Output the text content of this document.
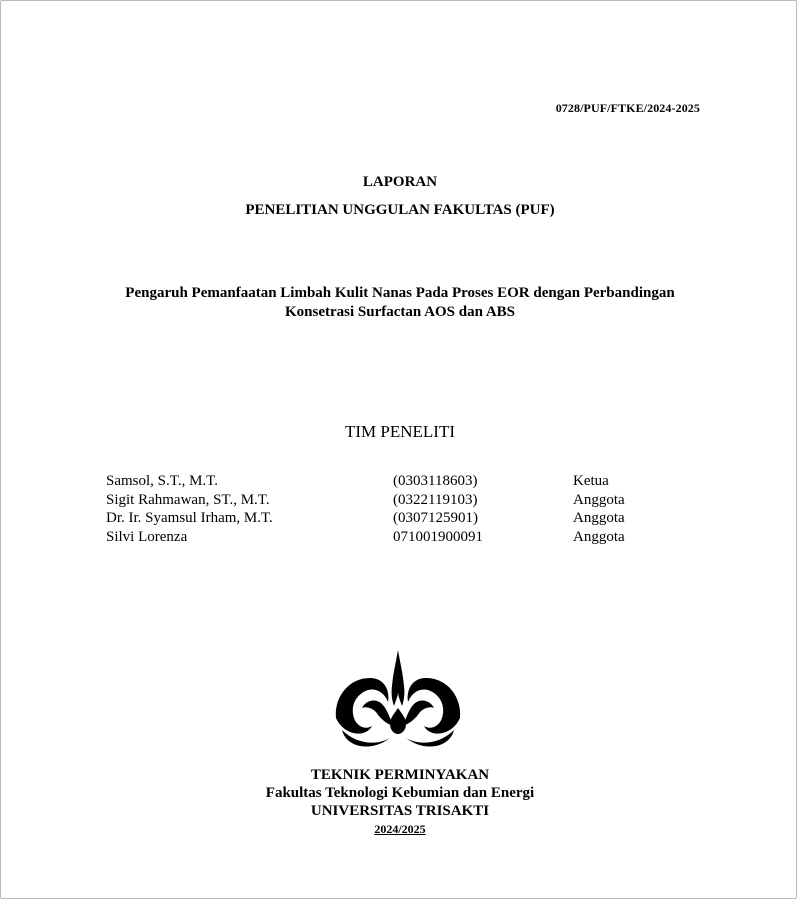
0728/PUF/FTKE/2024-2025
LAPORAN
PENELITIAN UNGGULAN FAKULTAS (PUF)
Pengaruh Pemanfaatan Limbah Kulit Nanas Pada Proses EOR dengan Perbandingan
Konsetrasi Surfactan AOS dan ABS
TIM PENELITI
Samsol, S.T., M.T.	(0303118603)	Ketua
Sigit Rahmawan, ST., M.T.	(0322119103)	Anggota
Dr. Ir. Syamsul Irham, M.T.	(0307125901)	Anggota
Silvi Lorenza	071001900091	Anggota
TEKNIK PERMINYAKAN
Fakultas Teknologi Kebumian dan Energi
UNIVERSITAS TRISAKTI
2024/2025
